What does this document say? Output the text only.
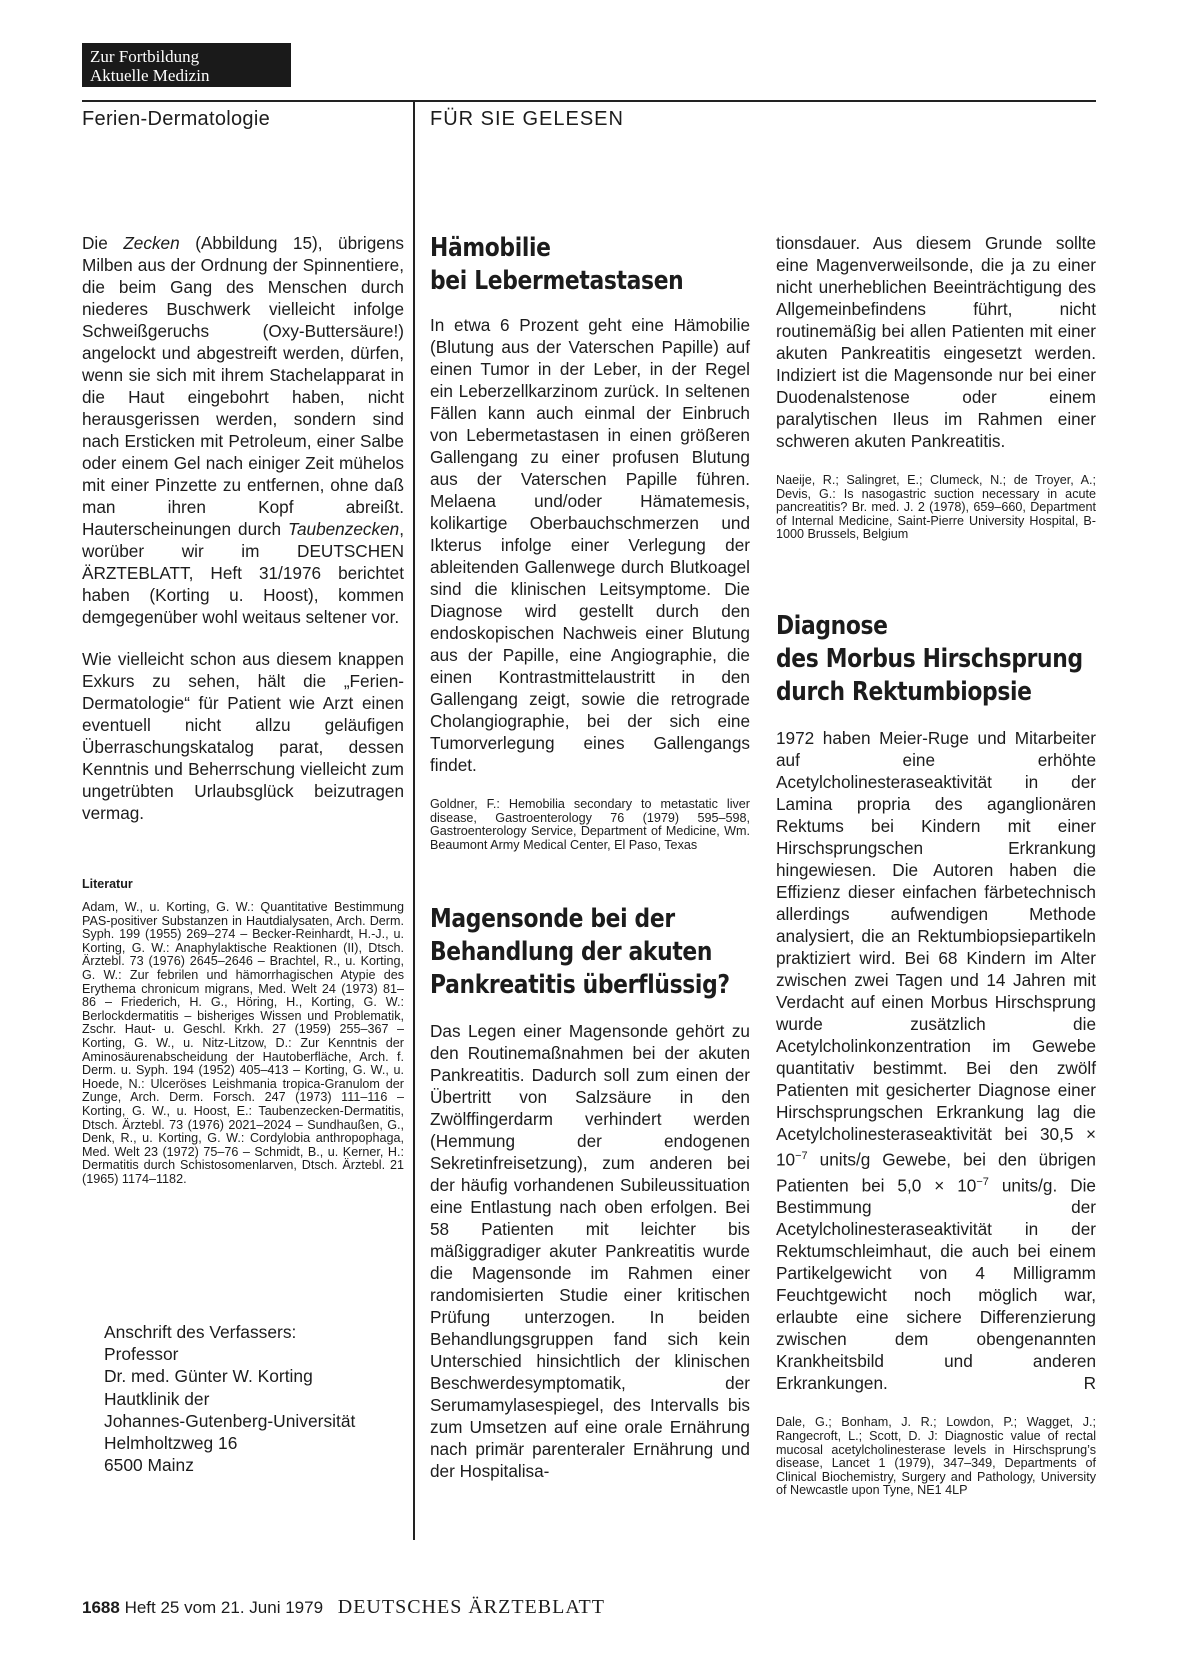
Zur Fortbildung
Aktuelle Medizin
Ferien-Dermatologie	FÜR SIE GELESEN

Die Zecken (Abbildung 15), übrigens Milben aus der Ordnung der Spinnentiere, die beim Gang des Menschen durch niederes Buschwerk vielleicht infolge Schweißgeruchs (Oxy-Buttersäure!) angelockt und abgestreift werden, dürfen, wenn sie sich mit ihrem Stachelapparat in die Haut eingebohrt haben, nicht herausgerissen werden, sondern sind nach Ersticken mit Petroleum, einer Salbe oder einem Gel nach einiger Zeit mühelos mit einer Pinzette zu entfernen, ohne daß man ihren Kopf abreißt. Hauterscheinungen durch Taubenzecken, worüber wir im DEUTSCHEN ÄRZTEBLATT, Heft 31/1976 berichtet haben (Korting u. Hoost), kommen demgegenüber wohl weitaus seltener vor.

Wie vielleicht schon aus diesem knappen Exkurs zu sehen, hält die „Ferien-Dermatologie“ für Patient wie Arzt einen eventuell nicht allzu geläufigen Überraschungskatalog parat, dessen Kenntnis und Beherrschung vielleicht zum ungetrübten Urlaubsglück beizutragen vermag.

Literatur

Adam, W., u. Korting, G. W.: Quantitative Bestimmung PAS-positiver Substanzen in Hautdialysaten, Arch. Derm. Syph. 199 (1955) 269–274 – Becker-Reinhardt, H.-J., u. Korting, G. W.: Anaphylaktische Reaktionen (II), Dtsch. Ärztebl. 73 (1976) 2645–2646 – Brachtel, R., u. Korting, G. W.: Zur febrilen und hämorrhagischen Atypie des Erythema chronicum migrans, Med. Welt 24 (1973) 81–86 – Friederich, H. G., Höring, H., Korting, G. W.: Berlockdermatitis – bisheriges Wissen und Problematik, Zschr. Haut- u. Geschl. Krkh. 27 (1959) 255–367 – Korting, G. W., u. Nitz-Litzow, D.: Zur Kenntnis der Aminosäurenabscheidung der Hautoberfläche, Arch. f. Derm. u. Syph. 194 (1952) 405–413 – Korting, G. W., u. Hoede, N.: Ulceröses Leishmania tropica-Granulom der Zunge, Arch. Derm. Forsch. 247 (1973) 111–116 – Korting, G. W., u. Hoost, E.: Taubenzecken-Dermatitis, Dtsch. Ärztebl. 73 (1976) 2021–2024 – Sundhaußen, G., Denk, R., u. Korting, G. W.: Cordylobia anthropophaga, Med. Welt 23 (1972) 75–76 – Schmidt, B., u. Kerner, H.: Dermatitis durch Schistosomenlarven, Dtsch. Ärztebl. 21 (1965) 1174–1182.

Anschrift des Verfassers:

Professor

Dr. med. Günter W. Korting

Hautklinik der

Johannes-Gutenberg-Universität

Helmholtzweg 16

6500 Mainz

Hämobilie
bei Lebermetastasen

In etwa 6 Prozent geht eine Hämobilie (Blutung aus der Vaterschen Papille) auf einen Tumor in der Leber, in der Regel ein Leberzellkarzinom zurück. In seltenen Fällen kann auch einmal der Einbruch von Lebermetastasen in einen größeren Gallengang zu einer profusen Blutung aus der Vaterschen Papille führen. Melaena und/oder Hämatemesis, kolikartige Oberbauchschmerzen und Ikterus infolge einer Verlegung der ableitenden Gallenwege durch Blutkoagel sind die klinischen Leitsymptome. Die Diagnose wird gestellt durch den endoskopischen Nachweis einer Blutung aus der Papille, eine Angiographie, die einen Kontrastmittelaustritt in den Gallengang zeigt, sowie die retrograde Cholangiographie, bei der sich eine Tumorverlegung eines Gallengangs findet.

Goldner, F.: Hemobilia secondary to metastatic liver disease, Gastroenterology 76 (1979) 595–598, Gastroenterology Service, Department of Medicine, Wm. Beaumont Army Medical Center, El Paso, Texas

Magensonde bei der
Behandlung der akuten
Pankreatitis überflüssig?

Das Legen einer Magensonde gehört zu den Routinemaßnahmen bei der akuten Pankreatitis. Dadurch soll zum einen der Übertritt von Salzsäure in den Zwölffingerdarm verhindert werden (Hemmung der endogenen Sekretinfreisetzung), zum anderen bei der häufig vorhandenen Subileussituation eine Entlastung nach oben erfolgen. Bei 58 Patienten mit leichter bis mäßiggradiger akuter Pankreatitis wurde die Magensonde im Rahmen einer randomisierten Studie einer kritischen Prüfung unterzogen. In beiden Behandlungsgruppen fand sich kein Unterschied hinsichtlich der klinischen Beschwerdesymptomatik, der Serumamylasespiegel, des Intervalls bis zum Umsetzen auf eine orale Ernährung nach primär parenteraler Ernährung und der Hospitalisa-

tionsdauer. Aus diesem Grunde sollte eine Magenverweilsonde, die ja zu einer nicht unerheblichen Beeinträchtigung des Allgemeinbefindens führt, nicht routinemäßig bei allen Patienten mit einer akuten Pankreatitis eingesetzt werden. Indiziert ist die Magensonde nur bei einer Duodenalstenose oder einem paralytischen Ileus im Rahmen einer schweren akuten Pankreatitis.

Naeije, R.; Salingret, E.; Clumeck, N.; de Troyer, A.; Devis, G.: Is nasogastric suction necessary in acute pancreatitis? Br. med. J. 2 (1978), 659–660, Department of Internal Medicine, Saint-Pierre University Hospital, B-1000 Brussels, Belgium

Diagnose
des Morbus Hirschsprung
durch Rektumbiopsie

1972 haben Meier-Ruge und Mitarbeiter auf eine erhöhte Acetylcholinesteraseaktivität in der Lamina propria des aganglionären Rektums bei Kindern mit einer Hirschsprungschen Erkrankung hingewiesen. Die Autoren haben die Effizienz dieser einfachen färbetechnisch allerdings aufwendigen Methode analysiert, die an Rektumbiopsiepartikeln praktiziert wird. Bei 68 Kindern im Alter zwischen zwei Tagen und 14 Jahren mit Verdacht auf einen Morbus Hirschsprung wurde zusätzlich die Acetylcholinkonzentration im Gewebe quantitativ bestimmt. Bei den zwölf Patienten mit gesicherter Diagnose einer Hirschsprungschen Erkrankung lag die Acetylcholinesteraseaktivität bei $30,5 \times 10^{-7}$ units/g Gewebe, bei den übrigen Patienten bei $5,0 \times 10^{-7}$ units/g. Die Bestimmung der Acetylcholinesteraseaktivität in der Rektumschleimhaut, die auch bei einem Partikelgewicht von 4 Milligramm Feuchtgewicht noch möglich war, erlaubte eine sichere Differenzierung zwischen dem obengenannten Krankheitsbild und anderen Erkrankungen.	R

Dale, G.; Bonham, J. R.; Lowdon, P.; Wagget, J.; Rangecroft, L.; Scott, D. J: Diagnostic value of rectal mucosal acetylcholinesterase levels in Hirschsprung’s disease, Lancet 1 (1979), 347–349, Departments of Clinical Biochemistry, Surgery and Pathology, University of Newcastle upon Tyne, NE1 4LP

1688 Heft 25 vom 21. Juni 1979 DEUTSCHES ÄRZTEBLATT
